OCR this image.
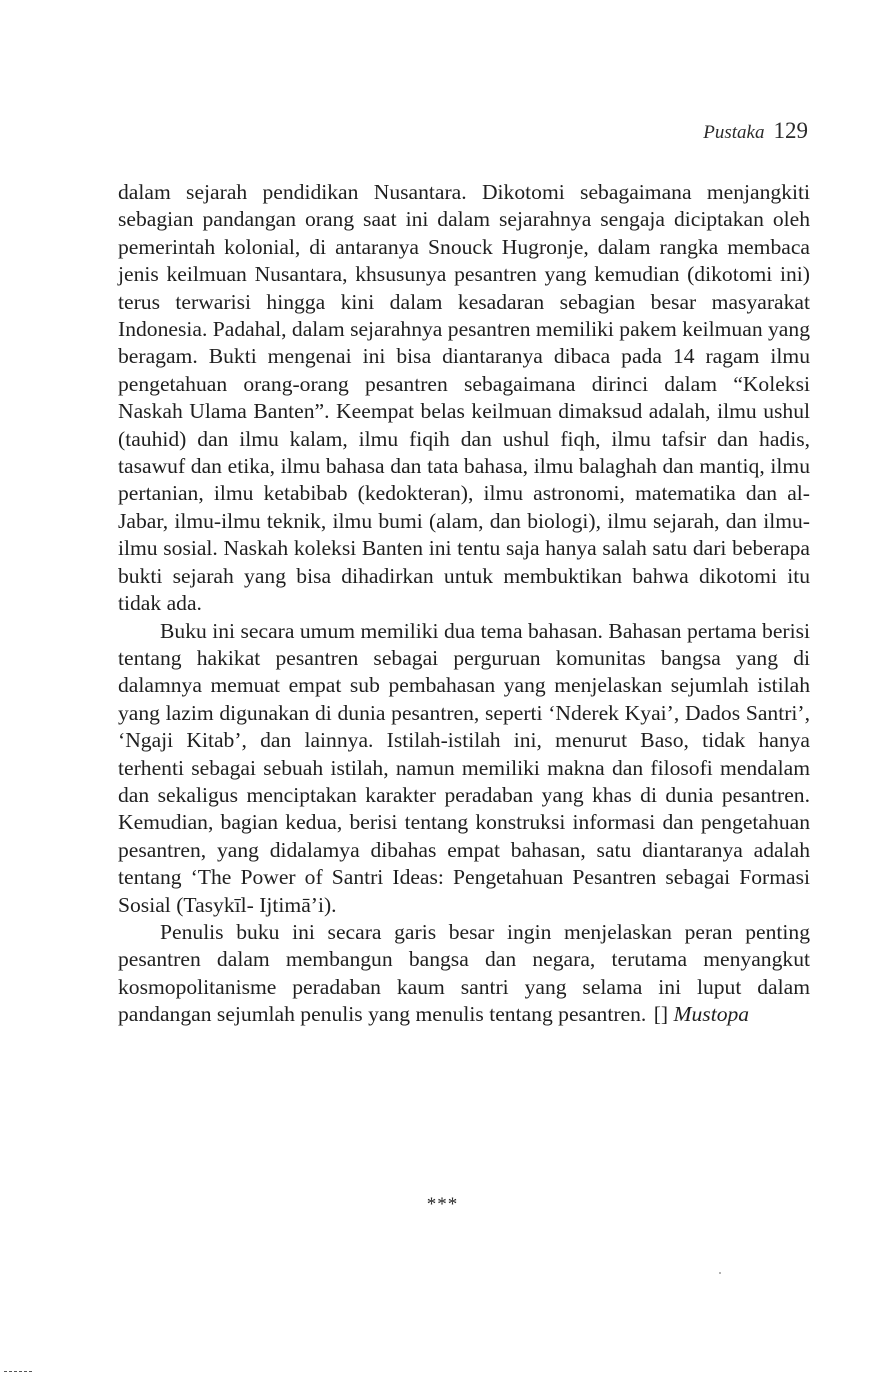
Pustaka 129

dalam sejarah pendidikan Nusantara. Dikotomi sebagaimana menjangkiti sebagian pandangan orang saat ini dalam sejarahnya sengaja diciptakan oleh pemerintah kolonial, di antaranya Snouck Hugronje, dalam rangka membaca jenis keilmuan Nusantara, khsusunya pesantren yang kemudian (dikotomi ini) terus terwarisi hingga kini dalam kesadaran sebagian besar masyarakat Indonesia. Padahal, dalam sejarahnya pesantren memiliki pakem keilmuan yang beragam. Bukti mengenai ini bisa diantaranya dibaca pada 14 ragam ilmu pengetahuan orang-orang pesantren sebagaimana dirinci dalam “Koleksi Naskah Ulama Banten”. Keempat belas keilmuan dimaksud adalah, ilmu ushul (tauhid) dan ilmu kalam, ilmu fiqih dan ushul fiqh, ilmu tafsir dan hadis, tasawuf dan etika, ilmu bahasa dan tata bahasa, ilmu balaghah dan mantiq, ilmu pertanian, ilmu ketabibab (kedokteran), ilmu astronomi, matematika dan al-Jabar, ilmu-ilmu teknik, ilmu bumi (alam, dan biologi), ilmu sejarah, dan ilmu-ilmu sosial. Naskah koleksi Banten ini tentu saja hanya salah satu dari beberapa bukti sejarah yang bisa dihadirkan untuk membuktikan bahwa dikotomi itu tidak ada.

Buku ini secara umum memiliki dua tema bahasan. Bahasan pertama berisi tentang hakikat pesantren sebagai perguruan komunitas bangsa yang di dalamnya memuat empat sub pembahasan yang menjelaskan sejumlah istilah yang lazim digunakan di dunia pesantren, seperti ‘Nderek Kyai’, Dados Santri’, ‘Ngaji Kitab’, dan lainnya. Istilah-istilah ini, menurut Baso, tidak hanya terhenti sebagai sebuah istilah, namun memiliki makna dan filosofi mendalam dan sekaligus menciptakan karakter peradaban yang khas di dunia pesantren. Kemudian, bagian kedua, berisi tentang konstruksi informasi dan pengetahuan pesantren, yang didalamya dibahas empat bahasan, satu diantaranya adalah tentang ‘The Power of Santri Ideas: Pengetahuan Pesantren sebagai Formasi Sosial (Tasykīl- Ijtimā’i).

Penulis buku ini secara garis besar ingin menjelaskan peran penting pesantren dalam membangun bangsa dan negara, terutama menyangkut kosmopolitanisme peradaban kaum santri yang selama ini luput dalam pandangan sejumlah penulis yang menulis tentang pesantren. [] Mustopa

***
